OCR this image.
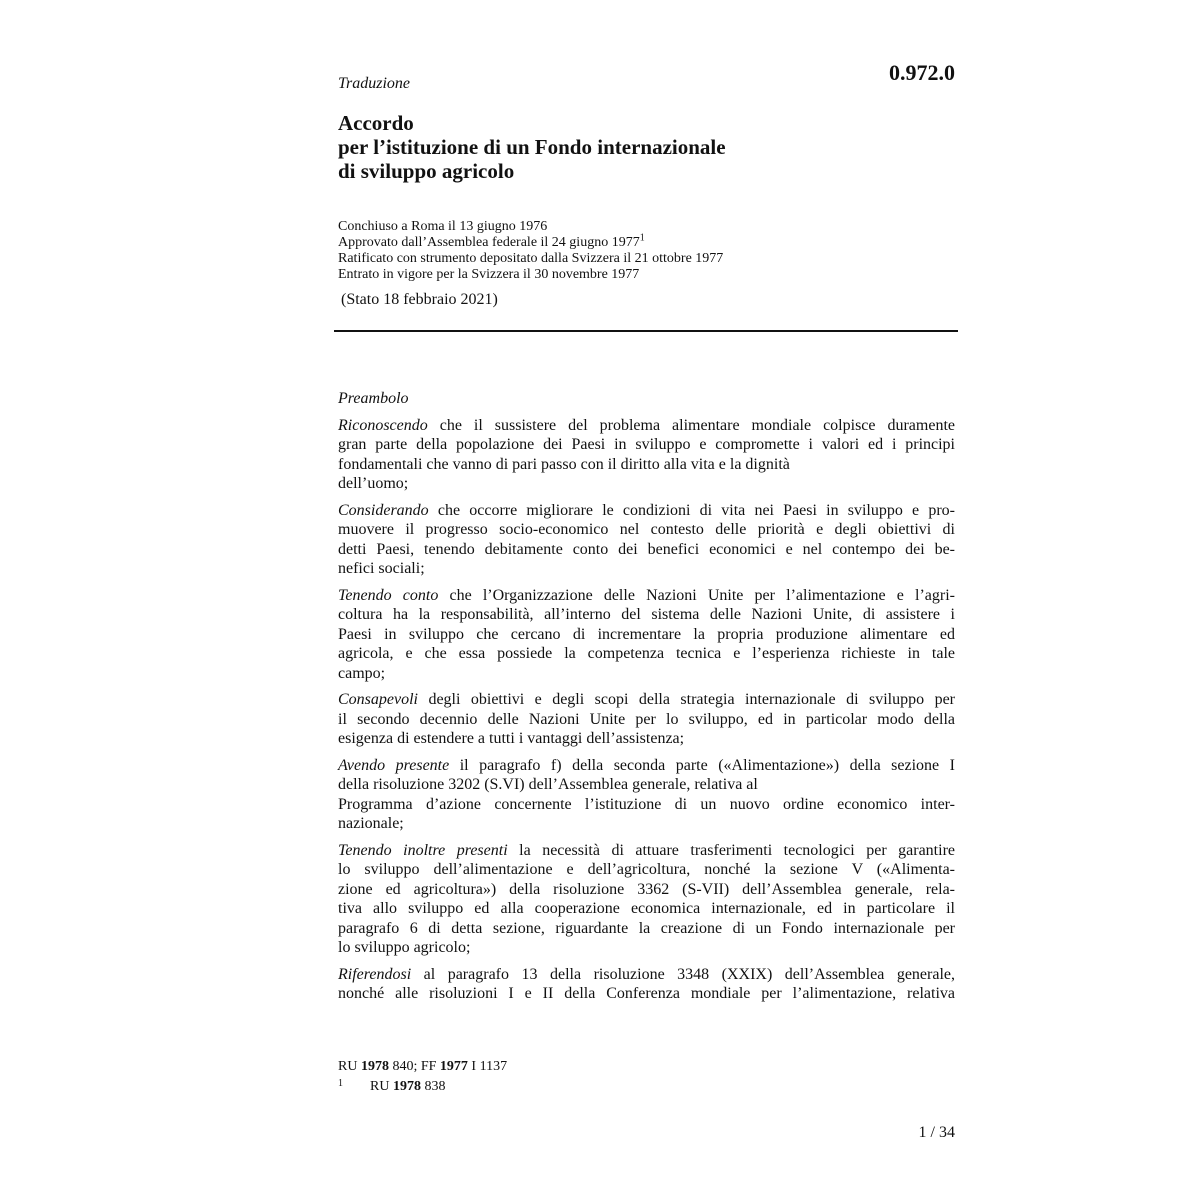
0.972.0
Traduzione
Accordo
per l’istituzione di un Fondo internazionale
di sviluppo agricolo
Conchiuso a Roma il 13 giugno 1976
Approvato dall’Assemblea federale il 24 giugno 1977$^1$
Ratificato con strumento depositato dalla Svizzera il 21 ottobre 1977
Entrato in vigore per la Svizzera il 30 novembre 1977
(Stato 18 febbraio 2021)
Preambolo
Riconoscendo che il sussistere del problema alimentare mondiale colpisce duramente
gran parte della popolazione dei Paesi in sviluppo e compromette i valori ed i principi
fondamentali che vanno di pari passo con il diritto alla vita e la dignità
dell’uomo;
Considerando che occorre migliorare le condizioni di vita nei Paesi in sviluppo e pro-
muovere il progresso socio-economico nel contesto delle priorità e degli obiettivi di
detti Paesi, tenendo debitamente conto dei benefici economici e nel contempo dei be-
nefici sociali;
Tenendo conto che l’Organizzazione delle Nazioni Unite per l’alimentazione e l’agri-
coltura ha la responsabilità, all’interno del sistema delle Nazioni Unite, di assistere i
Paesi in sviluppo che cercano di incrementare la propria produzione alimentare ed
agricola, e che essa possiede la competenza tecnica e l’esperienza richieste in tale
campo;
Consapevoli degli obiettivi e degli scopi della strategia internazionale di sviluppo per
il secondo decennio delle Nazioni Unite per lo sviluppo, ed in particolar modo della
esigenza di estendere a tutti i vantaggi dell’assistenza;
Avendo presente il paragrafo f) della seconda parte («Alimentazione») della sezione I
della risoluzione 3202 (S.VI) dell’Assemblea generale, relativa al
Programma d’azione concernente l’istituzione di un nuovo ordine economico inter-
nazionale;
Tenendo inoltre presenti la necessità di attuare trasferimenti tecnologici per garantire
lo sviluppo dell’alimentazione e dell’agricoltura, nonché la sezione V («Alimenta-
zione ed agricoltura») della risoluzione 3362 (S-VII) dell’Assemblea generale, rela-
tiva allo sviluppo ed alla cooperazione economica internazionale, ed in particolare il
paragrafo 6 di detta sezione, riguardante la creazione di un Fondo internazionale per
lo sviluppo agricolo;
Riferendosi al paragrafo 13 della risoluzione 3348 (XXIX) dell’Assemblea generale,
nonché alle risoluzioni I e II della Conferenza mondiale per l’alimentazione, relativa
RU 1978 840; FF 1977 I 1137
1 RU 1978 838
1 / 34
